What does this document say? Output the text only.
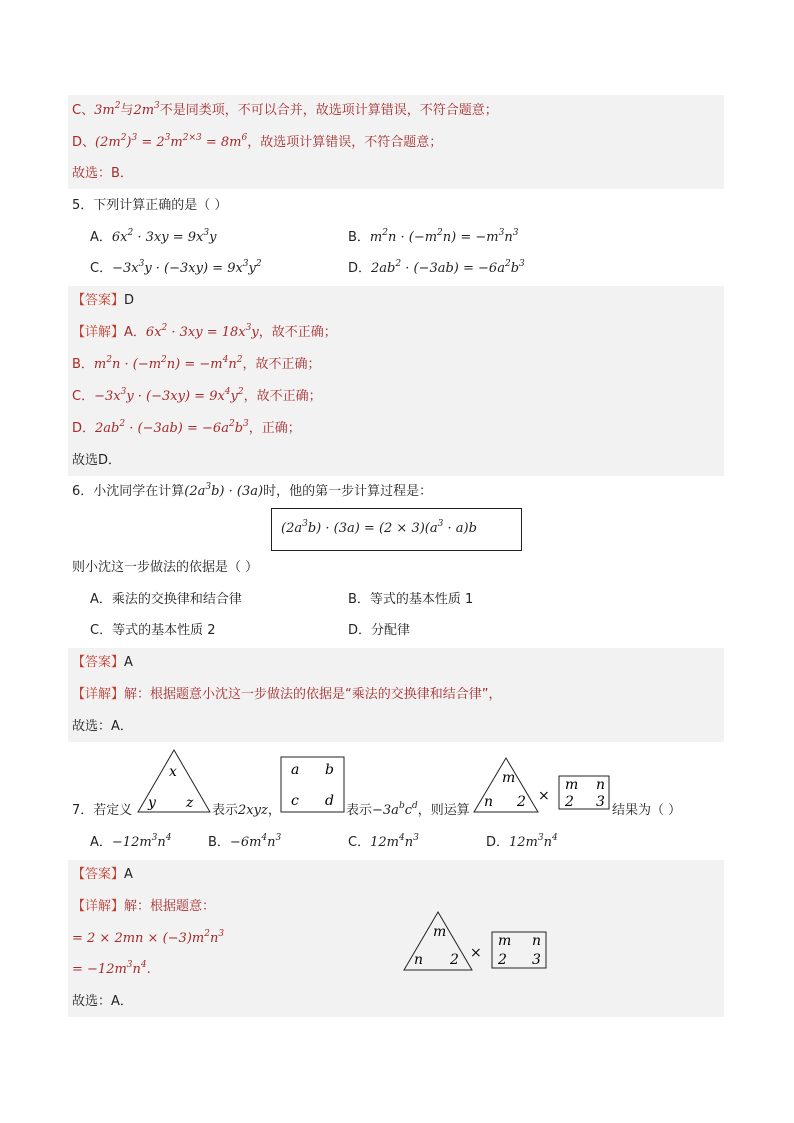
C、$3m^2$与$2m^3$不是同类项，不可以合并，故选项计算错误，不符合题意；
D、$(2m^2)^3 = 2^3m^{2\times 3} = 8m^6$，故选项计算错误，不符合题意；
故选：B．
5．下列计算正确的是（ ）
A．$6x^2 \cdot 3xy = 9x^3y$	B．$m^2n \cdot (-m^2n) = -m^3n^3$
C．$-3x^3y \cdot (-3xy) = 9x^3y^2$	D．$2ab^2 \cdot (-3ab) = -6a^2b^3$
【答案】D
【详解】A．$6x^2 \cdot 3xy = 18x^3y$，故不正确；
B．$m^2n \cdot (-m^2n) = -m^4n^2$，故不正确；
C．$-3x^3y \cdot (-3xy) = 9x^4y^2$，故不正确；
D．$2ab^2 \cdot (-3ab) = -6a^2b^3$，正确；
故选D．
6．小沈同学在计算$(2a^3b) \cdot (3a)$时，他的第一步计算过程是：
$(2a^3b) \cdot (3a) = (2 \times 3)(a^3 \cdot a)b$
则小沈这一步做法的依据是（ ）
A．乘法的交换律和结合律	B．等式的基本性质 1
C．等式的基本性质 2	D．分配律
【答案】A
【详解】解：根据题意小沈这一步做法的依据是“乘法的交换律和结合律”，
故选：A．
7．若定义
x
y z 表示2xyz，
a b
c d
表示$-3a^bc^d$，则运算
m
n 2 ×
m n
2 3
结果为（ ）
A．$-12m^3n^4$	B．$-6m^4n^3$	C．$12m^4n^3$	D．$12m^3n^4$
【答案】A
【详解】解：根据题意：
= $2 \times 2mn \times (-3)m^2n^3$
= $-12m^3n^4$.
故选：A．
m
n 2 ×
m n
2 3
